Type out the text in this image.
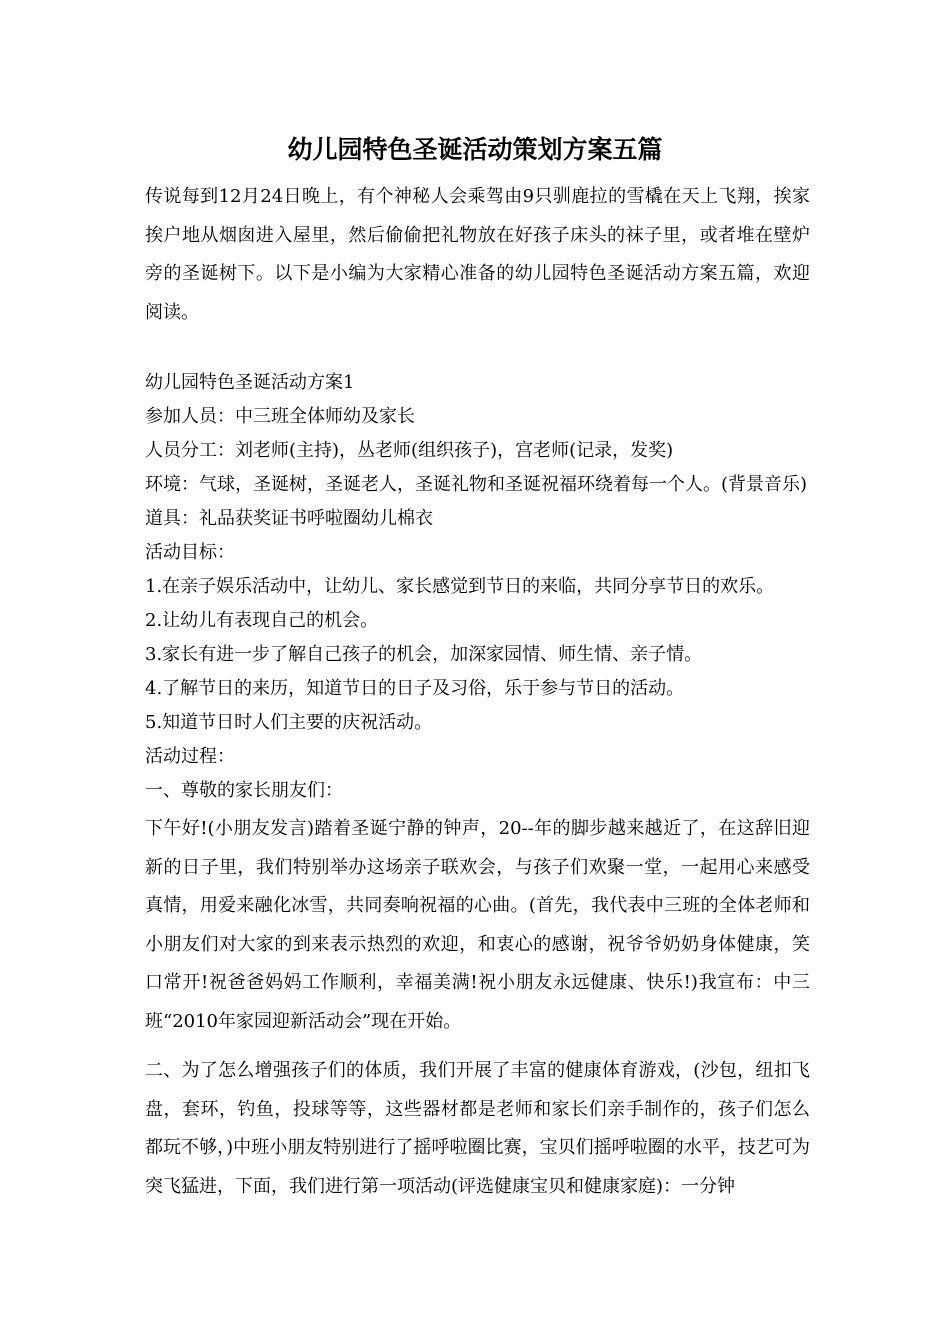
幼儿园特色圣诞活动策划方案五篇

传说每到12月24日晚上，有个神秘人会乘驾由9只驯鹿拉的雪橇在天上飞翔，挨家挨户地从烟囱进入屋里，然后偷偷把礼物放在好孩子床头的袜子里，或者堆在壁炉旁的圣诞树下。以下是小编为大家精心准备的幼儿园特色圣诞活动方案五篇，欢迎阅读。

幼儿园特色圣诞活动方案1
参加人员：中三班全体师幼及家长
人员分工：刘老师(主持)，丛老师(组织孩子)，宫老师(记录，发奖)
环境：气球，圣诞树，圣诞老人，圣诞礼物和圣诞祝福环绕着每一个人。(背景音乐)
道具：礼品获奖证书呼啦圈幼儿棉衣
活动目标：
1.在亲子娱乐活动中，让幼儿、家长感觉到节日的来临，共同分享节日的欢乐。
2.让幼儿有表现自己的机会。
3.家长有进一步了解自己孩子的机会，加深家园情、师生情、亲子情。
4.了解节日的来历，知道节日的日子及习俗，乐于参与节日的活动。
5.知道节日时人们主要的庆祝活动。
活动过程：
一、尊敬的家长朋友们：

下午好!(小朋友发言)踏着圣诞宁静的钟声，20--年的脚步越来越近了，在这辞旧迎新的日子里，我们特别举办这场亲子联欢会，与孩子们欢聚一堂，一起用心来感受真情，用爱来融化冰雪，共同奏响祝福的心曲。(首先，我代表中三班的全体老师和小朋友们对大家的到来表示热烈的欢迎，和衷心的感谢，祝爷爷奶奶身体健康，笑口常开!祝爸爸妈妈工作顺利，幸福美满!祝小朋友永远健康、快乐!)我宣布：中三班“2010年家园迎新活动会”现在开始。

二、为了怎么增强孩子们的体质，我们开展了丰富的健康体育游戏，(沙包，纽扣飞盘，套环，钓鱼，投球等等，这些器材都是老师和家长们亲手制作的，孩子们怎么都玩不够，)中班小朋友特别进行了摇呼啦圈比赛，宝贝们摇呼啦圈的水平，技艺可为突飞猛进，下面，我们进行第一项活动(评选健康宝贝和健康家庭)：一分钟
